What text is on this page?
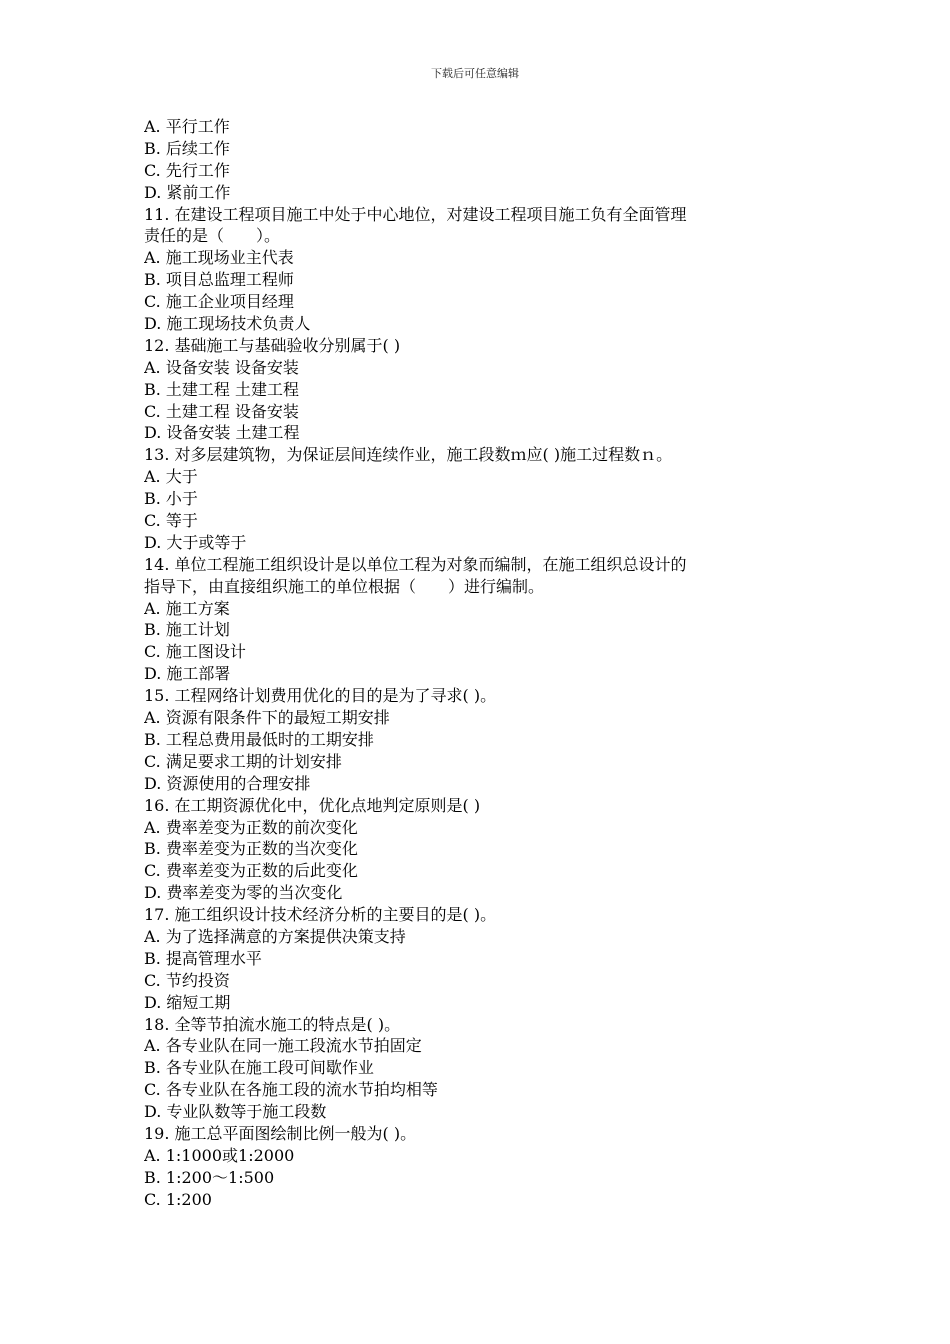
下载后可任意编辑
A. 平行工作
B. 后续工作
C. 先行工作
D. 紧前工作
11. 在建设工程项目施工中处于中心地位，对建设工程项目施工负有全面管理
责任的是（　　）。
A. 施工现场业主代表
B. 项目总监理工程师
C. 施工企业项目经理
D. 施工现场技术负责人
12. 基础施工与基础验收分别属于( )
A. 设备安装 设备安装
B. 土建工程 土建工程
C. 土建工程 设备安装
D. 设备安装 土建工程
13. 对多层建筑物，为保证层间连续作业，施工段数ｍ应( )施工过程数ｎ。
A. 大于
B. 小于
C. 等于
D. 大于或等于
14. 单位工程施工组织设计是以单位工程为对象而编制，在施工组织总设计的
指导下，由直接组织施工的单位根据（　　）进行编制。
A. 施工方案
B. 施工计划
C. 施工图设计
D. 施工部署
15. 工程网络计划费用优化的目的是为了寻求( )。
A. 资源有限条件下的最短工期安排
B. 工程总费用最低时的工期安排
C. 满足要求工期的计划安排
D. 资源使用的合理安排
16. 在工期资源优化中，优化点地判定原则是( )
A. 费率差变为正数的前次变化
B. 费率差变为正数的当次变化
C. 费率差变为正数的后此变化
D. 费率差变为零的当次变化
17. 施工组织设计技术经济分析的主要目的是( )。
A. 为了选择满意的方案提供决策支持
B. 提高管理水平
C. 节约投资
D. 缩短工期
18. 全等节拍流水施工的特点是( )。
A. 各专业队在同一施工段流水节拍固定
B. 各专业队在施工段可间歇作业
C. 各专业队在各施工段的流水节拍均相等
D. 专业队数等于施工段数
19. 施工总平面图绘制比例一般为( )。
A. 1:1000或1:2000
B. 1:200～1:500
C. 1:200
